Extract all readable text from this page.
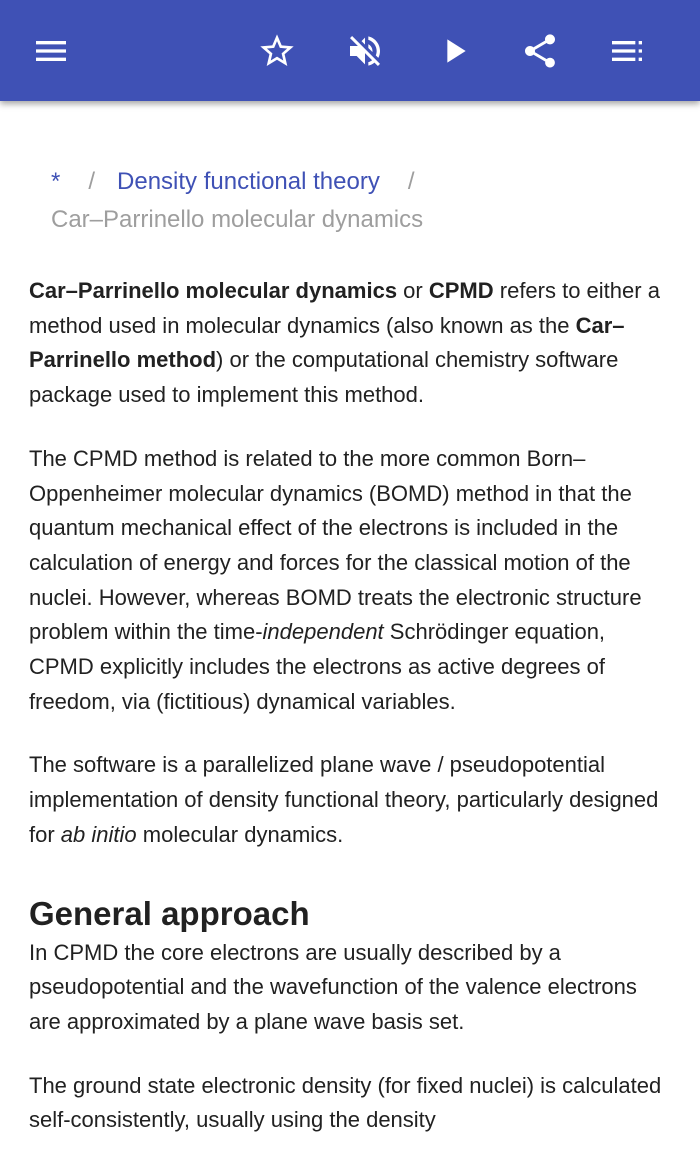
* / Density functional theory /
Car–Parrinello molecular dynamics

Car–Parrinello molecular dynamics or CPMD refers to either a method used in molecular dynamics (also known as the Car–Parrinello method) or the computational chemistry software package used to implement this method.

The CPMD method is related to the more common Born–Oppenheimer molecular dynamics (BOMD) method in that the quantum mechanical effect of the electrons is included in the calculation of energy and forces for the classical motion of the nuclei. However, whereas BOMD treats the electronic structure problem within the time-independent Schrödinger equation, CPMD explicitly includes the electrons as active degrees of freedom, via (fictitious) dynamical variables.

The software is a parallelized plane wave / pseudopotential implementation of density functional theory, particularly designed for ab initio molecular dynamics.

General approach

In CPMD the core electrons are usually described by a pseudopotential and the wavefunction of the valence electrons are approximated by a plane wave basis set.

The ground state electronic density (for fixed nuclei) is calculated self-consistently, usually using the density
